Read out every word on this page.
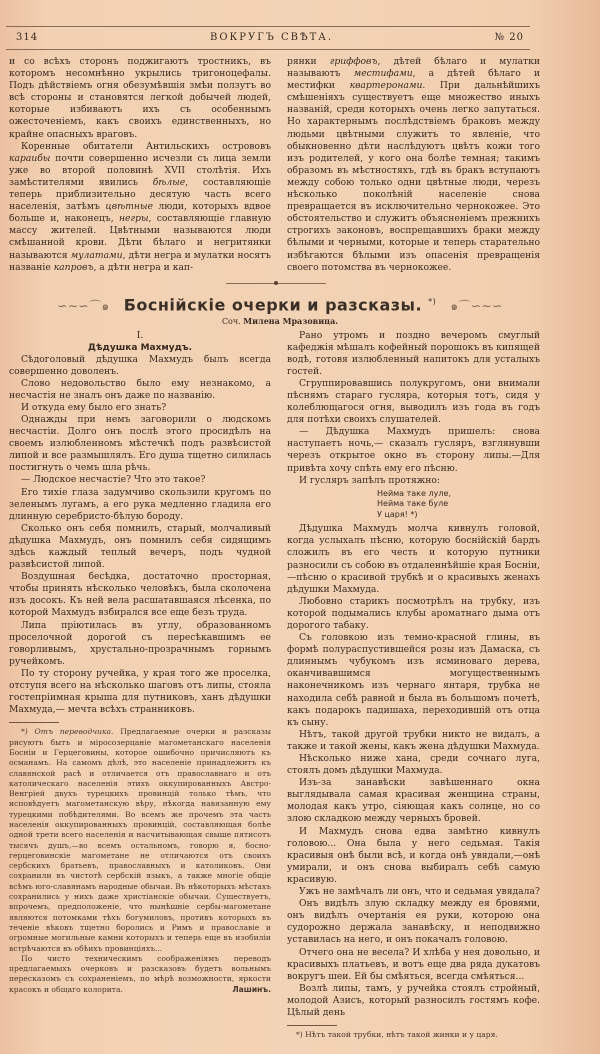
314	ВОКРУГЪ СВѢТА.	№ 20

и со всѣхъ сторонъ поджигаютъ тростникъ, въ которомъ несомнѣнно укрылись тригоноцефалы. Подъ дѣйствіемъ огня обезумѣвшія змѣи ползутъ во всѣ стороны и становятся легкой добычей людей, которые избиваютъ ихъ съ особеннымъ ожесточеніемъ, какъ своихъ единственныхъ, но крайне опасныхъ враговъ.

Коренные обитатели Антильскихъ острововъ карaибы почти совершенно исчезли съ лица земли уже во второй половинѣ XVII столѣтія. Ихъ замѣстителями явились бѣлые, составляющіе теперь приблизительно десятую часть всего населенія, затѣмъ цвѣтные люди, которыхъ вдвое больше и, наконецъ, негры, составляющіе главную массу жителей. Цвѣтными называются люди смѣшанной крови. Дѣти бѣлаго и негритянки называются мулатами, дѣти негра и мулатки носятъ названіе капровъ, а дѣти негра и кап-

рянки гриффовъ, дѣтей бѣлаго и мулатки называютъ местифами, а дѣтей бѣлаго и местифки квартеронами. При дальнѣйшихъ смѣшеніяхъ существуетъ еще множество иныхъ названій, среди которыхъ очень легко запутаться. Но характернымъ послѣдствіемъ браковъ между людьми цвѣтными служитъ то явленіе, что обыкновенно дѣти наслѣдуютъ цвѣтъ кожи того изъ родителей, у кого она болѣе темная; такимъ образомъ въ мѣстностяхъ, гдѣ въ бракъ вступаютъ между собою только одни цвѣтные люди, черезъ нѣсколько поколѣній населеніе снова превращается въ исключительно чернокожее. Это обстоятельство и служитъ объясненіемъ прежнихъ строгихъ законовъ, воспрещавшихъ браки между бѣлыми и черными, которые и теперь старательно избѣгаются бѣлыми изъ опасенія превращенія своего потомства въ чернокожее.

∽∼∽⌒๑ Боснійскіе очерки и разсказы. *) ๑⌒∽∼∽
Соч. Милена Мразовица.
I.
Дѣдушка Махмудъ.

Сѣдоголовый дѣдушка Махмудъ былъ всегда совершенно доволенъ.

Слово недовольство было ему незнакомо, а несчастія не зналъ онъ даже по названію.

И откуда ему было его знать?

Однажды при немъ заговорили о людскомъ несчастіи. Долго онъ послѣ этого просидѣлъ на своемъ излюбленномъ мѣстечкѣ подъ развѣсистой липой и все размышлялъ. Его душа тщетно силилась постигнуть о чемъ шла рѣчь.

— Людское несчастіе? Что это такое?

Его тихіе глаза задумчиво скользили кругомъ по зеленымъ лугамъ, а его рука медленно гладила его длинную серебристо-бѣлую бороду.

Сколько онъ себя помнилъ, старый, молчаливый дѣдушка Махмудъ, онъ помнилъ себя сидящимъ здѣсь каждый теплый вечеръ, подъ чудной развѣсистой липой.

Воздушная бесѣдка, достаточно просторная, чтобы принять нѣсколько человѣкъ, была сколочена изъ досокъ. Къ ней вела расшатавшаяся лѣсенка, по которой Махмудъ взбирался все еще безъ труда.

Липа пріютилась въ углу, образованномъ проселочной дорогой съ пересѣкавшимъ ее говорливымъ, хрустально-прозрачнымъ горнымъ ручейкомъ.

По ту сторону ручейка, у края того же проселка, отступя всего на нѣсколько шаговъ отъ липы, стояла гостепріимная крыша для путниковъ, ханъ дѣдушки Махмуда,— мечта всѣхъ странниковъ.

*) Отъ переводчика. Предлагаемые очерки и разсказы рисуютъ бытъ и міросозерцаніе магометанскаго населенія Босніи и Герцеговины, которое ошибочно причисляютъ къ османамъ. На самомъ дѣлѣ, это населеніе принадлежитъ къ славянской расѣ и отличается отъ православнаго и отъ католическаго населенія этихъ оккупированныхъ Австро-Венгріей двухъ турецкихъ провинцій только тѣмъ, что исповѣдуетъ магометанскую вѣру, нѣкогда навязанную ему турецкими побѣдителями. Во всемъ же прочемъ эта часть населенія оккупированныхъ провинцій, составляющая болѣе одной трети всего населенія и насчитывающая свыше пятисотъ тысячъ душъ,—во всемъ остальномъ, говорю я, босно-герцеговинскіе магометане не отличаются отъ своихъ сербскихъ братьевъ, православныхъ и католиковъ. Они сохранили въ чистотѣ сербскій языкъ, а также многіе общіе всѣмъ юго-славянамъ народные обычаи. Въ нѣкоторыхъ мѣстахъ сохранились у нихъ даже христіанскіе обычаи. Существуетъ, впрочемъ, предположеніе, что нынѣшніе сербы-магометане являются потомками тѣхъ богумиловъ, противъ которыхъ въ теченіе вѣковъ тщетно боролись и Римъ и православіе и огромные могильные камни которыхъ и теперь еще въ изобиліи встрѣчаются въ обѣихъ провинціяхъ...

По чисто техническимъ соображеніямъ переводъ предлагаемыхъ очерковъ и разсказовъ будетъ вольнымъ пересказомъ съ сохраненіемъ, по мѣрѣ возможности, яркости красокъ и общаго колорита.	Лашинъ.

Рано утромъ и поздно вечеромъ смуглый кафеджія мѣшалъ кофейный порошокъ въ кипящей водѣ, готовя излюбленный напитокъ для усталыхъ гостей.

Сгруппировавшись полукругомъ, они внимали пѣснямъ стараго гусляра, которыя тотъ, сидя у колеблющагося огня, выводилъ изъ года въ годъ для потѣхи своихъ слушателей.

— Дѣдушка Махмудъ пришелъ: снова наступаетъ ночь,— сказалъ гусляръ, взглянувши черезъ открытое окно въ сторону липы.—Для привѣта хочу спѣть ему его пѣсню.

И гусляръ запѣлъ протяжно:

Неймa таке луле,
Нейма таке буле
У царя! *)

Дѣдушка Махмудъ молча кивнулъ головой, когда услыхалъ пѣсню, которую боснійскій бардъ сложилъ въ его честь и которую путники разносили съ собою въ отдаленнѣйшіе края Босніи,—пѣсню о красивой трубкѣ и о красивыхъ женахъ дѣдушки Махмуда.

Любовно старикъ посмотрѣлъ на трубку, изъ которой подымались клубы ароматнаго дыма отъ дорогого табаку.

Съ головкою изъ темно-красной глины, въ формѣ полураспустившейся розы изъ Дамаска, съ длиннымъ чубукомъ изъ ясминоваго дерева, оканчивавшимся могущественнымъ наконечникомъ изъ чернаго янтаря, трубка не находила себѣ равной и была въ большомъ почетѣ, какъ подарокъ падишаха, переходившій отъ отца къ сыну.

Нѣтъ, такой другой трубки никто не видалъ, а также и такой жены, какъ жена дѣдушки Махмуда.

Нѣсколько ниже хана, среди сочнаго луга, стоялъ домъ дѣдушки Махмуда.

Изъ-за занавѣски завѣшеннаго окна выглядывала самая красивая женщина страны, молодая какъ утро, сіяющая какъ солнце, но со злою складкою между черныхъ бровей.

И Махмудъ снова едва замѣтно кивнулъ головою... Она была у него седьмая. Такія красивыя онѣ были всѣ, и когда онѣ увядали,—онѣ умирали, и онъ снова выбиралъ себѣ самую красивую.

Ужъ не замѣчалъ ли онъ, что и седьмая увядала?

Онъ видѣлъ злую складку между ея бровями, онъ видѣлъ очертанія ея руки, которою она судорожно держала занавѣску, и неподвижно уставилась на него, и онъ покачалъ головою.

Отчего она не весела? И хлѣба у нея довольно, и красивыхъ платьевъ, и вотъ еще два ряда дукатовъ вокругъ шеи. Ей бы смѣяться, всегда смѣяться...

Возлѣ липы, тамъ, у ручейка стоялъ стройный, молодой Азисъ, который разносилъ гостямъ кофе. Цѣлый день

*) Нѣтъ такой трубки, нѣтъ такой жинки и у царя.
